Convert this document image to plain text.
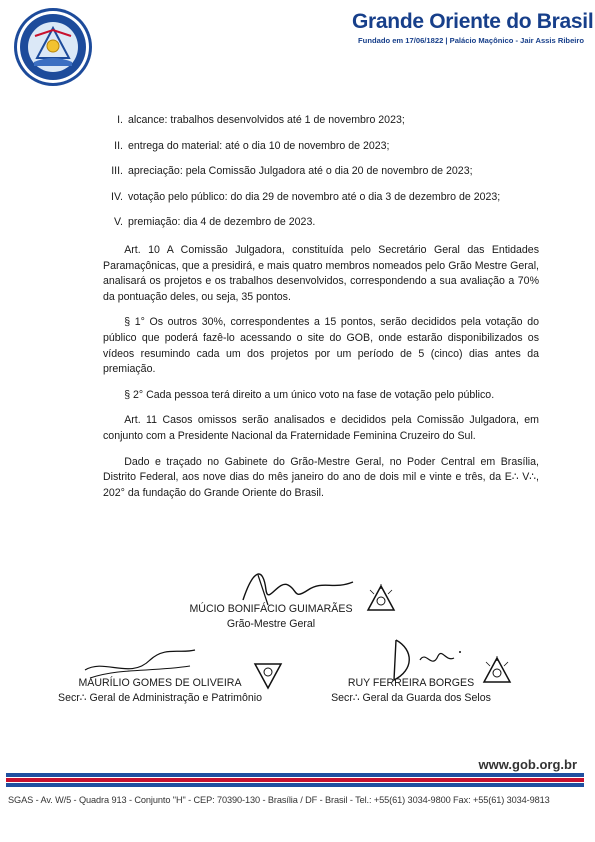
Grande Oriente do Brasil
Fundado em 17/06/1822 | Palácio Maçônico - Jair Assis Ribeiro
I. alcance: trabalhos desenvolvidos até 1 de novembro 2023;
II. entrega do material: até o dia 10 de novembro de 2023;
III. apreciação: pela Comissão Julgadora até o dia 20 de novembro de 2023;
IV. votação pelo público: do dia 29 de novembro até o dia 3 de dezembro de 2023;
V. premiação: dia 4 de dezembro de 2023.

  Art. 10 A Comissão Julgadora, constituída pelo Secretário Geral das Entidades Paramaçônicas, que a presidirá, e mais quatro membros nomeados pelo Grão Mestre Geral, analisará os projetos e os trabalhos desenvolvidos, correspondendo a sua avaliação a 70% da pontuação deles, ou seja, 35 pontos.

  § 1° Os outros 30%, correspondentes a 15 pontos, serão decididos pela votação do público que poderá fazê-lo acessando o site do GOB, onde estarão disponibilizados os vídeos resumindo cada um dos projetos por um período de 5 (cinco) dias antes da premiação.

  § 2° Cada pessoa terá direito a um único voto na fase de votação pelo público.

  Art. 11 Casos omissos serão analisados e decididos pela Comissão Julgadora, em conjunto com a Presidente Nacional da Fraternidade Feminina Cruzeiro do Sul.

  Dado e traçado no Gabinete do Grão-Mestre Geral, no Poder Central em Brasília, Distrito Federal, aos nove dias do mês janeiro do ano de dois mil e vinte e três, da E∴ V∴, 202° da fundação do Grande Oriente do Brasil.

MÚCIO BONIFÁCIO GUIMARÃES
Grão-Mestre Geral
MAURÍLIO GOMES DE OLIVEIRA
Secr∴ Geral de Administração e Patrimônio
RUY FERREIRA BORGES
Secr∴ Geral da Guarda dos Selos
www.gob.org.br
SGAS - Av. W/5 - Quadra 913 - Conjunto "H" - CEP: 70390-130 - Brasília / DF - Brasil - Tel.: +55(61) 3034-9800 Fax: +55(61) 3034-9813
